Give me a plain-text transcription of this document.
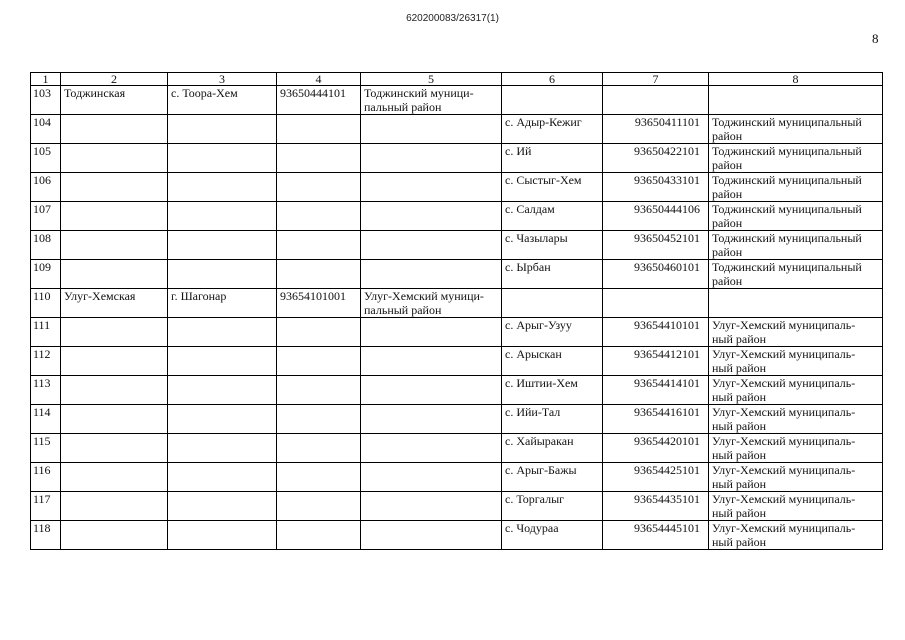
620200083/26317(1)
8
1	2	3	4	5	6	7	8
103	Тоджинская	с. Тоора-Хем	93650444101	Тоджинский муници-
пальный район			
104					с. Адыр-Кежиг	93650411101	Тоджинский муниципальный район
105					с. Ий	93650422101	Тоджинский муниципальный район
106					с. Сыстыг-Хем	93650433101	Тоджинский муниципальный район
107					с. Салдам	93650444106	Тоджинский муниципальный район
108					с. Чазылары	93650452101	Тоджинский муниципальный район
109					с. Ырбан	93650460101	Тоджинский муниципальный район
110	Улуг-Хемская	г. Шагонар	93654101001	Улуг-Хемский муници-
пальный район			
111					с. Арыг-Узуу	93654410101	Улуг-Хемский муниципаль-
ный район
112					с. Арыскан	93654412101	Улуг-Хемский муниципаль-
ный район
113					с. Иштии-Хем	93654414101	Улуг-Хемский муниципаль-
ный район
114					с. Ийи-Тал	93654416101	Улуг-Хемский муниципаль-
ный район
115					с. Хайыракан	93654420101	Улуг-Хемский муниципаль-
ный район
116					с. Арыг-Бажы	93654425101	Улуг-Хемский муниципаль-
ный район
117					с. Торгалыг	93654435101	Улуг-Хемский муниципаль-
ный район
118					с. Чодураа	93654445101	Улуг-Хемский муниципаль-
ный район
